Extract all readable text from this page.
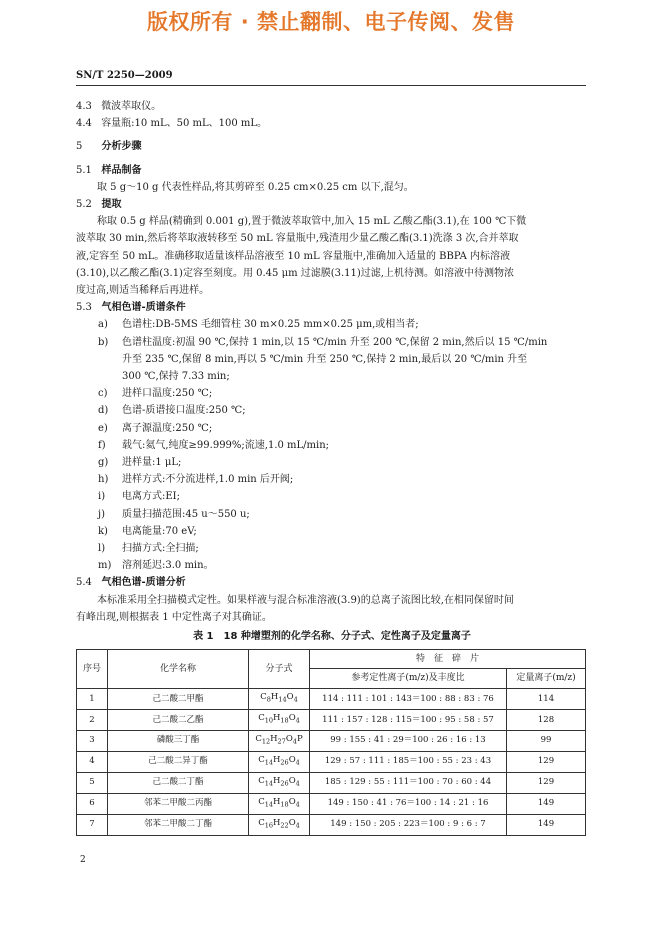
版权所有 · 禁止翻制、电子传阅、发售
SN/T 2250—2009
4.3 微波萃取仪。
4.4 容量瓶:10 mL、50 mL、100 mL。
5 分析步骤
5.1 样品制备
取 5 g～10 g 代表性样品,将其剪碎至 0.25 cm×0.25 cm 以下,混匀。
5.2 提取
称取 0.5 g 样品(精确到 0.001 g),置于微波萃取管中,加入 15 mL 乙酸乙酯(3.1),在 100 ℃下微
波萃取 30 min,然后将萃取液转移至 50 mL 容量瓶中,残渣用少量乙酸乙酯(3.1)洗涤 3 次,合并萃取
液,定容至 50 mL。准确移取适量该样品溶液至 10 mL 容量瓶中,准确加入适量的 BBPA 内标溶液
(3.10),以乙酸乙酯(3.1)定容至刻度。用 0.45 μm 过滤膜(3.11)过滤,上机待测。如溶液中待测物浓
度过高,则适当稀释后再进样。
5.3 气相色谱-质谱条件
a)	色谱柱:DB-5MS 毛细管柱 30 m×0.25 mm×0.25 μm,或相当者;
b)	色谱柱温度:初温 90 ℃,保持 1 min,以 15 ℃/min 升至 200 ℃,保留 2 min,然后以 15 ℃/min
升至 235 ℃,保留 8 min,再以 5 ℃/min 升至 250 ℃,保持 2 min,最后以 20 ℃/min 升至
300 ℃,保持 7.33 min;
c)	进样口温度:250 ℃;
d)	色谱-质谱接口温度:250 ℃;
e)	离子源温度:250 ℃;
f)	载气:氦气,纯度≥99.999%;流速,1.0 mL/min;
g)	进样量:1 μL;
h)	进样方式:不分流进样,1.0 min 后开阀;
i)	电离方式:EI;
j)	质量扫描范围:45 u～550 u;
k)	电离能量:70 eV;
l)	扫描方式:全扫描;
m)	溶剂延迟:3.0 min。
5.4 气相色谱-质谱分析
本标准采用全扫描模式定性。如果样液与混合标准溶液(3.9)的总离子流图比较,在相同保留时间
有峰出现,则根据表 1 中定性离子对其确证。
表 1　18 种增塑剂的化学名称、分子式、定性离子及定量离子
序号	化学名称	分子式	特　征　碎　片	
			参考定性离子(m/z)及丰度比	定量离子(m/z)
1	己二酸二甲酯	$C_8H_{14}O_4$	114 : 111 : 101 : 143＝100 : 88 : 83 : 76	114
2	己二酸二乙酯	$C_{10}H_{18}O_4$	111 : 157 : 128 : 115＝100 : 95 : 58 : 57	128
3	磷酸三丁酯	$C_{12}H_{27}O_4P$	99 : 155 : 41 : 29＝100 : 26 : 16 : 13	99
4	己二酸二异丁酯	$C_{14}H_{26}O_4$	129 : 57 : 111 : 185＝100 : 55 : 23 : 43	129
5	己二酸二丁酯	$C_{14}H_{26}O_4$	185 : 129 : 55 : 111＝100 : 70 : 60 : 44	129
6	邻苯二甲酸二丙酯	$C_{14}H_{18}O_4$	149 : 150 : 41 : 76＝100 : 14 : 21 : 16	149
7	邻苯二甲酸二丁酯	$C_{16}H_{22}O_4$	149 : 150 : 205 : 223＝100 : 9 : 6 : 7	149
2
